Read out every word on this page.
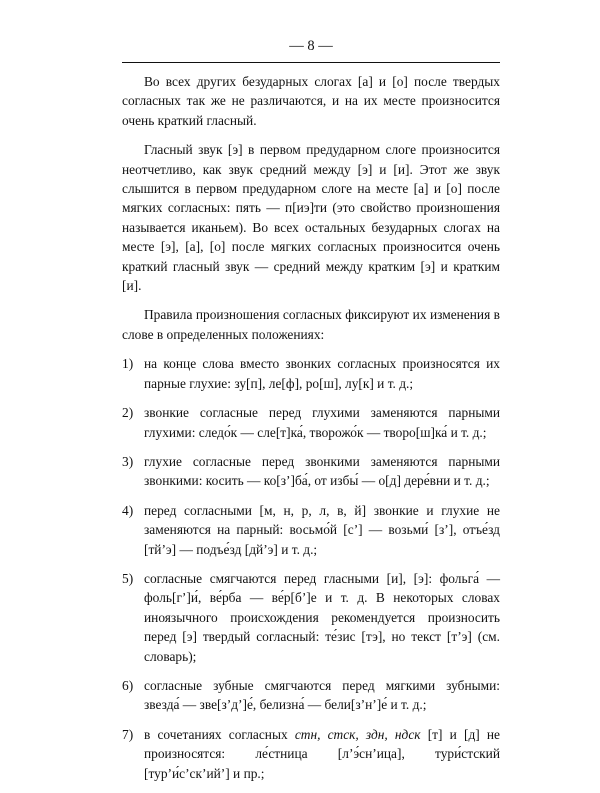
— 8 —

Во всех других безударных слогах [а] и [о] после твердых согласных так же не различаются, и на их месте произносится очень краткий гласный.

Гласный звук [э] в первом предударном слоге произносится неотчетливо, как звук средний между [э] и [и]. Этот же звук слышится в первом предударном слоге на месте [а] и [о] после мягких согласных: пять — п[иэ]ти (это свойство произношения называется иканьем). Во всех остальных безударных слогах на месте [э], [а], [о] после мягких согласных произносится очень краткий гласный звук — средний между кратким [э] и кратким [и].

Правила произношения согласных фиксируют их изменения в слове в определенных положениях:

1) на конце слова вместо звонких согласных произносятся их парные глухие: зу[п], ле[ф], ро[ш], лу[к] и т. д.;
2) звонкие согласные перед глухими заменяются парными глухими: следо́к — сле[т]ка́, творожо́к — творо[ш]ка́ и т. д.;
3) глухие согласные перед звонкими заменяются парными звонкими: косить — ко[з’]ба́, от избы́ — о[д] дере́вни и т. д.;
4) перед согласными [м, н, р, л, в, й] звонкие и глухие не заменяются на парный: восьмо́й [с’] — возьми́ [з’], отъе́зд [тй’э] — подъе́зд [дй’э] и т. д.;
5) согласные смягчаются перед гласными [и], [э]: фольга́ — фоль[г’]и́, ве́рба — ве́р[б’]е и т. д. В некоторых словах иноязычного происхождения рекомендуется произносить перед [э] твердый согласный: те́зис [тэ], но текст [т’э] (см. словарь);
6) согласные зубные смягчаются перед мягкими зубными: звезда́ — зве[з’д’]е́, белизна́ — бели[з’н’]е́ и т. д.;
7) в сочетаниях согласных стн, стск, здн, ндск [т] и [д] не произносятся: ле́стница [л’э́сн’ица], тури́стский [тур’и́с’ск’ий’] и пр.;
